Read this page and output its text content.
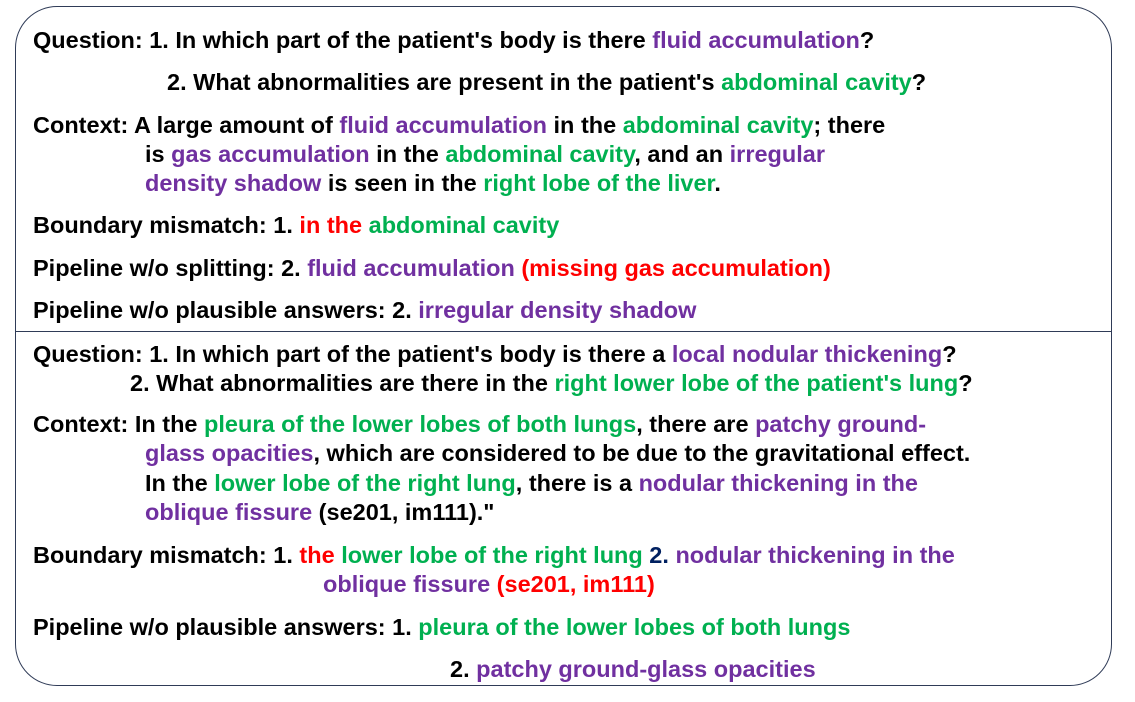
Question: 1. In which part of the patient's body is there fluid accumulation?
2. What abnormalities are present in the patient's abdominal cavity?
Context: A large amount of fluid accumulation in the abdominal cavity; there
is gas accumulation in the abdominal cavity, and an irregular
density shadow is seen in the right lobe of the liver.
Boundary mismatch: 1. in the abdominal cavity
Pipeline w/o splitting: 2. fluid accumulation (missing gas accumulation)
Pipeline w/o plausible answers: 2. irregular density shadow
Question: 1. In which part of the patient's body is there a local nodular thickening?
2. What abnormalities are there in the right lower lobe of the patient's lung?
Context: In the pleura of the lower lobes of both lungs, there are patchy ground-
glass opacities, which are considered to be due to the gravitational effect.
In the lower lobe of the right lung, there is a nodular thickening in the
oblique fissure (se201, im111)."
Boundary mismatch: 1. the lower lobe of the right lung 2. nodular thickening in the
oblique fissure (se201, im111)
Pipeline w/o plausible answers: 1. pleura of the lower lobes of both lungs
2. patchy ground-glass opacities
